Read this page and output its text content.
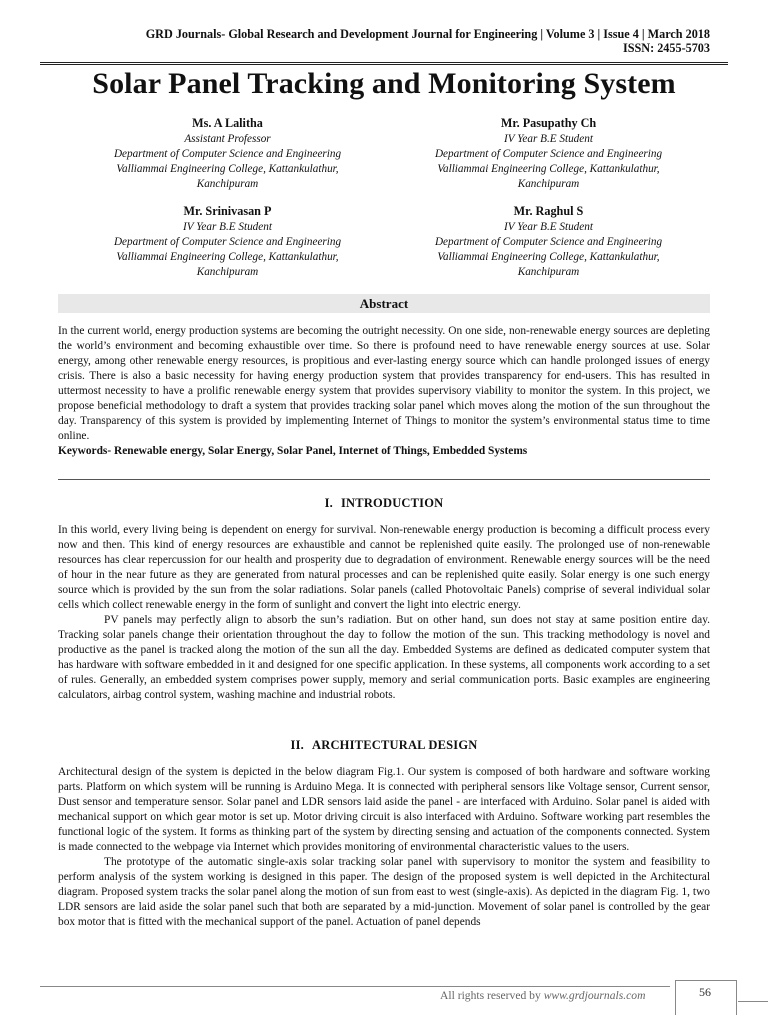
GRD Journals- Global Research and Development Journal for Engineering | Volume 3 | Issue 4 | March 2018
ISSN: 2455-5703
Solar Panel Tracking and Monitoring System
Ms. A Lalitha
Assistant Professor
Department of Computer Science and Engineering
Valliammai Engineering College, Kattankulathur,
Kanchipuram
Mr. Pasupathy Ch
IV Year B.E Student
Department of Computer Science and Engineering
Valliammai Engineering College, Kattankulathur,
Kanchipuram
Mr. Srinivasan P
IV Year B.E Student
Department of Computer Science and Engineering
Valliammai Engineering College, Kattankulathur,
Kanchipuram
Mr. Raghul S
IV Year B.E Student
Department of Computer Science and Engineering
Valliammai Engineering College, Kattankulathur,
Kanchipuram
Abstract

In the current world, energy production systems are becoming the outright necessity. On one side, non-renewable energy sources are depleting the world’s environment and becoming exhaustible over time. So there is profound need to have renewable energy sources at use. Solar energy, among other renewable energy resources, is propitious and ever-lasting energy source which can handle prolonged issues of energy crisis. There is also a basic necessity for having energy production system that provides transparency for end-users. This has resulted in uttermost necessity to have a prolific renewable energy system that provides supervisory viability to monitor the system. In this project, we propose beneficial methodology to draft a system that provides tracking solar panel which moves along the motion of the sun throughout the day. Transparency of this system is provided by implementing Internet of Things to monitor the system’s environmental status time to time online.

Keywords- Renewable energy, Solar Energy, Solar Panel, Internet of Things, Embedded Systems

I. INTRODUCTION

In this world, every living being is dependent on energy for survival. Non-renewable energy production is becoming a difficult process every now and then. This kind of energy resources are exhaustible and cannot be replenished quite easily. The prolonged use of non-renewable resources has clear repercussion for our health and prosperity due to degradation of environment. Renewable energy sources will be the need of hour in the near future as they are generated from natural processes and can be replenished quite easily. Solar energy is one such energy source which is provided by the sun from the solar radiations. Solar panels (called Photovoltaic Panels) comprise of several individual solar cells which collect renewable energy in the form of sunlight and convert the light into electric energy.

PV panels may perfectly align to absorb the sun’s radiation. But on other hand, sun does not stay at same position entire day. Tracking solar panels change their orientation throughout the day to follow the motion of the sun. This tracking methodology is novel and productive as the panel is tracked along the motion of the sun all the day. Embedded Systems are defined as dedicated computer system that has hardware with software embedded in it and designed for one specific application. In these systems, all components work according to a set of rules. Generally, an embedded system comprises power supply, memory and serial communication ports. Basic examples are engineering calculators, airbag control system, washing machine and industrial robots.

II. ARCHITECTURAL DESIGN

Architectural design of the system is depicted in the below diagram Fig.1. Our system is composed of both hardware and software working parts. Platform on which system will be running is Arduino Mega. It is connected with peripheral sensors like Voltage sensor, Current sensor, Dust sensor and temperature sensor. Solar panel and LDR sensors laid aside the panel - are interfaced with Arduino. Solar panel is aided with mechanical support on which gear motor is set up. Motor driving circuit is also interfaced with Arduino. Software working part resembles the functional logic of the system. It forms as thinking part of the system by directing sensing and actuation of the components connected. System is made connected to the webpage via Internet which provides monitoring of environmental characteristic values to the users.

The prototype of the automatic single-axis solar tracking solar panel with supervisory to monitor the system and feasibility to perform analysis of the system working is designed in this paper. The design of the proposed system is well depicted in the Architectural diagram. Proposed system tracks the solar panel along the motion of sun from east to west (single-axis). As depicted in the diagram Fig. 1, two LDR sensors are laid aside the solar panel such that both are separated by a mid-junction. Movement of solar panel is controlled by the gear box motor that is fitted with the mechanical support of the panel. Actuation of panel depends

56
All rights reserved by www.grdjournals.com
